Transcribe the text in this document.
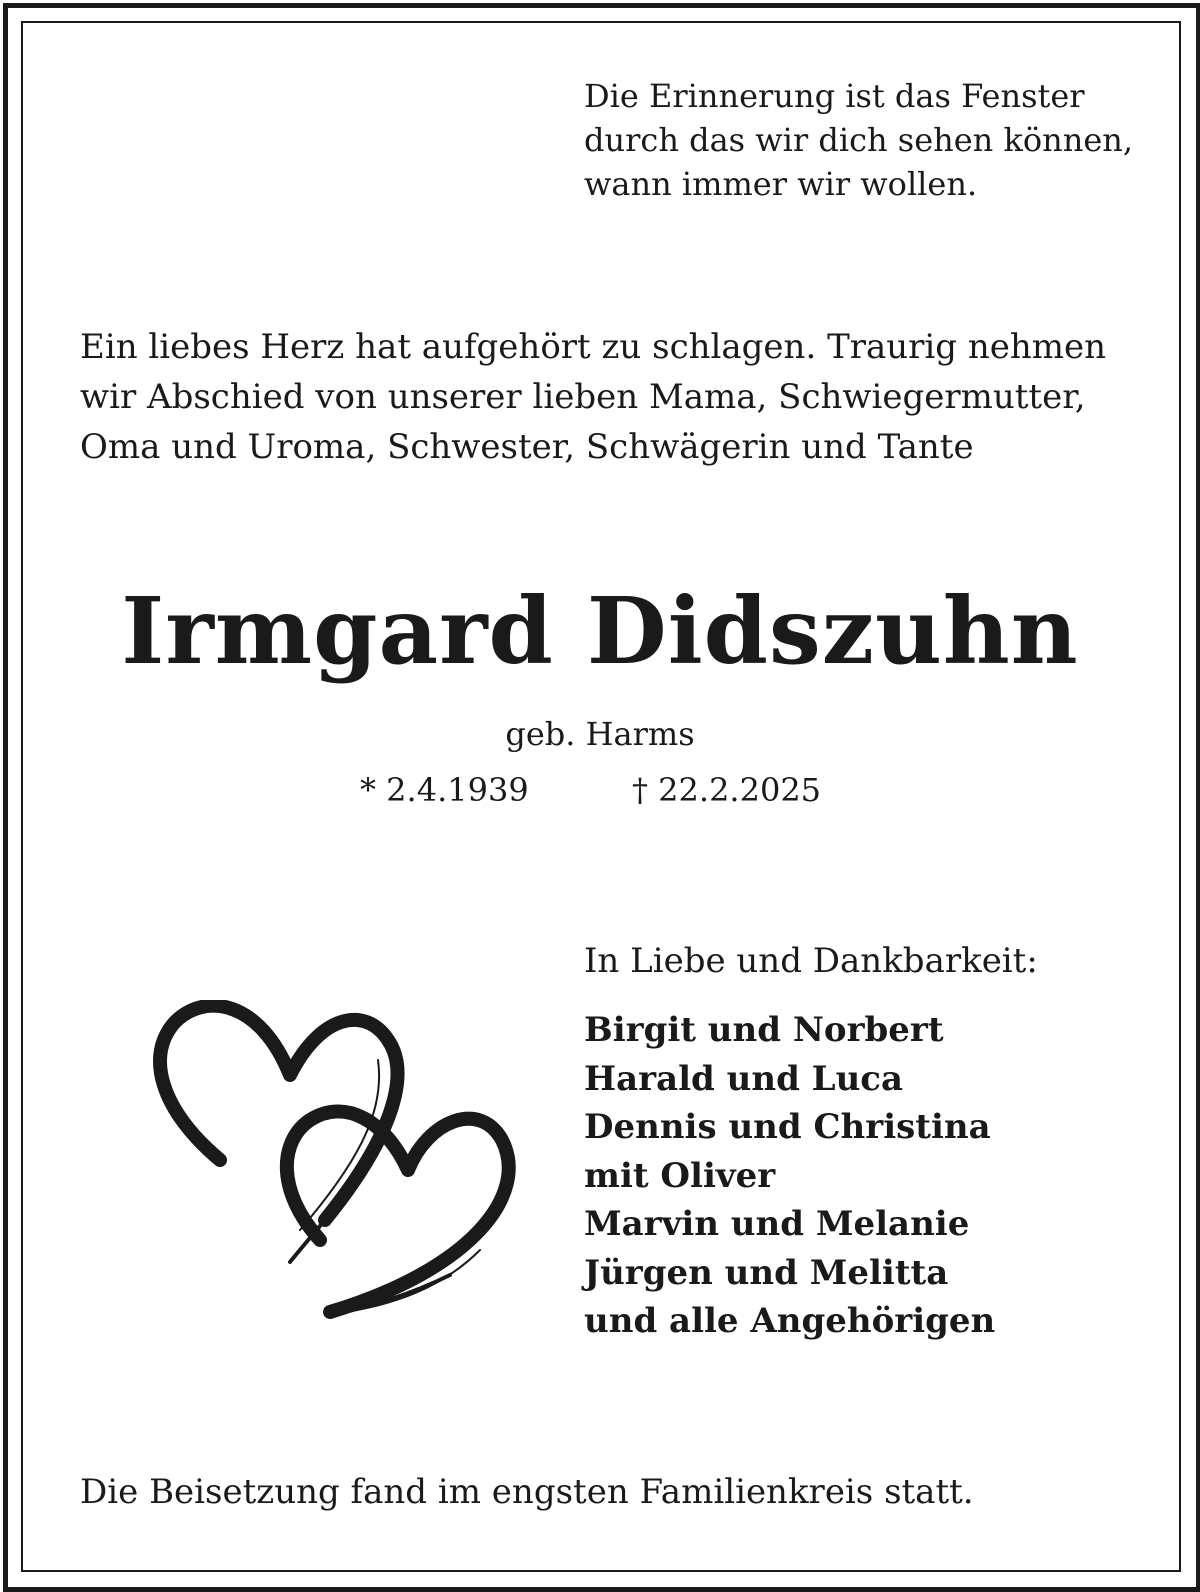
Die Erinnerung ist das Fenster
durch das wir dich sehen können,
wann immer wir wollen.

Ein liebes Herz hat aufgehört zu schlagen. Traurig nehmen
wir Abschied von unserer lieben Mama, Schwiegermutter,
Oma und Uroma, Schwester, Schwägerin und Tante

Irmgard Didszuhn

geb. Harms

* 2.4.1939	† 22.2.2025

In Liebe und Dankbarkeit:

Birgit und Norbert
Harald und Luca
Dennis und Christina
mit Oliver
Marvin und Melanie
Jürgen und Melitta
und alle Angehörigen

Die Beisetzung fand im engsten Familienkreis statt.
